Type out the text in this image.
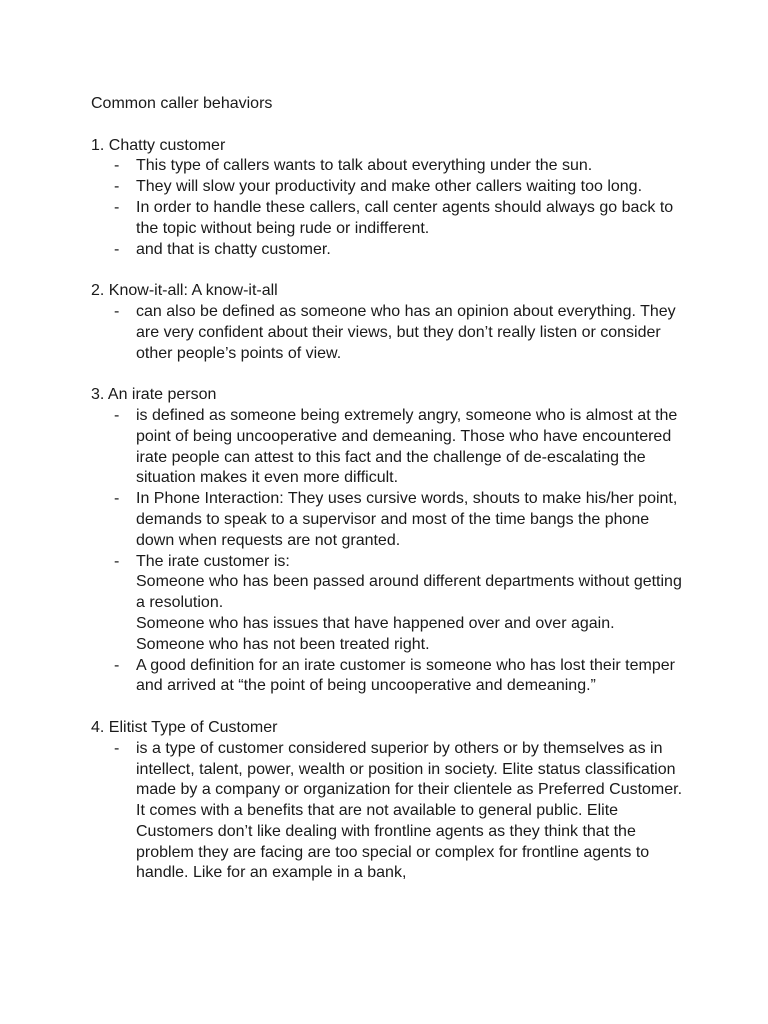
Common caller behaviors

1. Chatty customer

- This type of callers wants to talk about everything under the sun.
- They will slow your productivity and make other callers waiting too long.
- In order to handle these callers, call center agents should always go back to the topic without being rude or indifferent.
- and that is chatty customer.

2. Know-it-all: A know-it-all

- can also be defined as someone who has an opinion about everything. They are very confident about their views, but they don’t really listen or consider other people’s points of view.

3. An irate person

- is defined as someone being extremely angry, someone who is almost at the point of being uncooperative and demeaning. Those who have encountered irate people can attest to this fact and the challenge of de-escalating the situation makes it even more difficult.
- In Phone Interaction: They uses cursive words, shouts to make his/her point, demands to speak to a supervisor and most of the time bangs the phone down when requests are not granted.
- The irate customer is:
Someone who has been passed around different departments without getting a resolution.
Someone who has issues that have happened over and over again.
Someone who has not been treated right.
- A good definition for an irate customer is someone who has lost their temper and arrived at “the point of being uncooperative and demeaning.”

4. Elitist Type of Customer

- is a type of customer considered superior by others or by themselves as in intellect, talent, power, wealth or position in society. Elite status classification made by a company or organization for their clientele as Preferred Customer. It comes with a benefits that are not available to general public. Elite Customers don’t like dealing with frontline agents as they think that the problem they are facing are too special or complex for frontline agents to handle. Like for an example in a bank,
